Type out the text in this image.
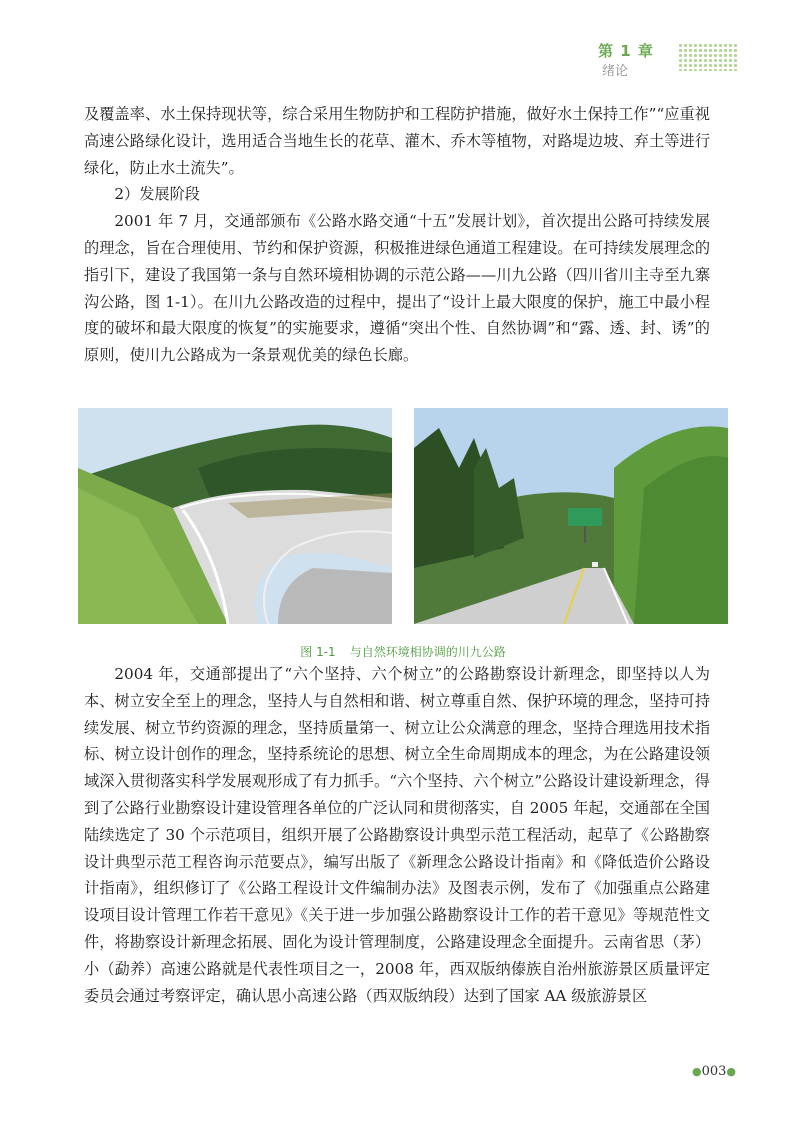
第 1 章
绪论

及覆盖率、水土保持现状等，综合采用生物防护和工程防护措施，做好水土保持工作”“应重视高速公路绿化设计，选用适合当地生长的花草、灌木、乔木等植物，对路堤边坡、弃土等进行绿化，防止水土流失”。

2）发展阶段

2001 年 7 月，交通部颁布《公路水路交通“十五”发展计划》，首次提出公路可持续发展的理念，旨在合理使用、节约和保护资源，积极推进绿色通道工程建设。在可持续发展理念的指引下，建设了我国第一条与自然环境相协调的示范公路——川九公路（四川省川主寺至九寨沟公路，图 1-1）。在川九公路改造的过程中，提出了“设计上最大限度的保护，施工中最小程度的破坏和最大限度的恢复”的实施要求，遵循“突出个性、自然协调”和“露、透、封、诱”的原则，使川九公路成为一条景观优美的绿色长廊。

图 1-1 与自然环境相协调的川九公路

2004 年，交通部提出了“六个坚持、六个树立”的公路勘察设计新理念，即坚持以人为本、树立安全至上的理念，坚持人与自然相和谐、树立尊重自然、保护环境的理念，坚持可持续发展、树立节约资源的理念，坚持质量第一、树立让公众满意的理念，坚持合理选用技术指标、树立设计创作的理念，坚持系统论的思想、树立全生命周期成本的理念，为在公路建设领域深入贯彻落实科学发展观形成了有力抓手。“六个坚持、六个树立”公路设计建设新理念，得到了公路行业勘察设计建设管理各单位的广泛认同和贯彻落实，自 2005 年起，交通部在全国陆续选定了 30 个示范项目，组织开展了公路勘察设计典型示范工程活动，起草了《公路勘察设计典型示范工程咨询示范要点》，编写出版了《新理念公路设计指南》和《降低造价公路设计指南》，组织修订了《公路工程设计文件编制办法》及图表示例，发布了《加强重点公路建设项目设计管理工作若干意见》《关于进一步加强公路勘察设计工作的若干意见》等规范性文件，将勘察设计新理念拓展、固化为设计管理制度，公路建设理念全面提升。云南省思（茅）小（勐养）高速公路就是代表性项目之一，2008 年，西双版纳傣族自治州旅游景区质量评定委员会通过考察评定，确认思小高速公路（西双版纳段）达到了国家 AA 级旅游景区

●003●
